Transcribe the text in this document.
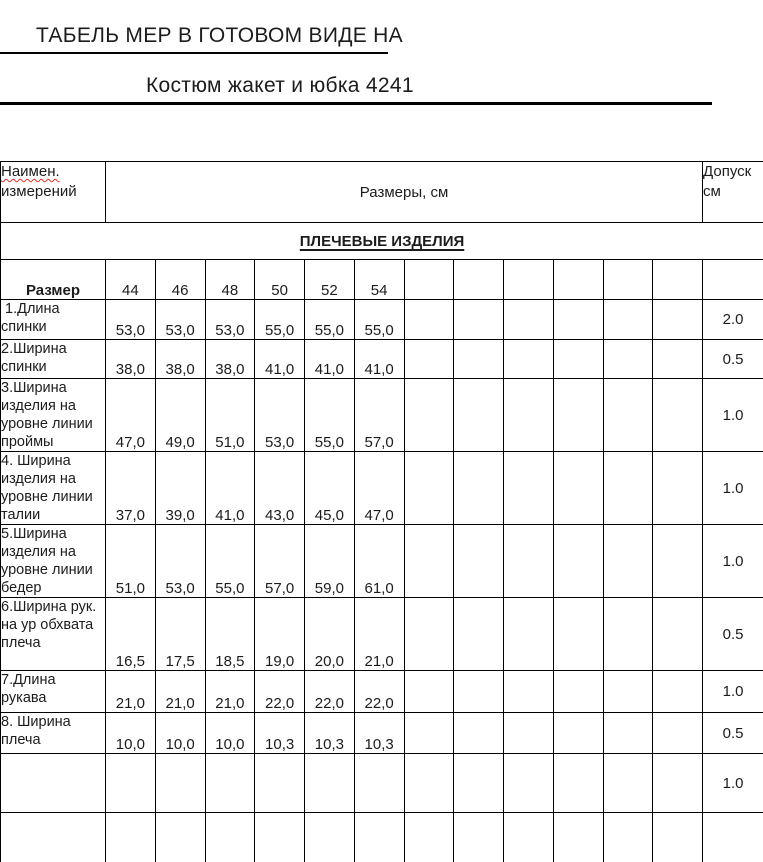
ТАБЕЛЬ МЕР В ГОТОВОМ ВИДЕ НА
Костюм жакет и юбка 4241
Наимен. измерений	Размеры, см												Допуск см
ПЛЕЧЕВЫЕ ИЗДЕЛИЯ													
Размер	44	46	48	50	52	54							
1.Длина спинки	53,0	53,0	53,0	55,0	55,0	55,0							2.0
2.Ширина спинки	38,0	38,0	38,0	41,0	41,0	41,0							0.5
3.Ширина изделия на уровне линии проймы	47,0	49,0	51,0	53,0	55,0	57,0							1.0
4. Ширина изделия на уровне линии талии	37,0	39,0	41,0	43,0	45,0	47,0							1.0
5.Ширина изделия на уровне линии бедер	51,0	53,0	55,0	57,0	59,0	61,0							1.0
6.Ширина рук. на ур обхвата плеча	16,5	17,5	18,5	19,0	20,0	21,0							0.5
7.Длина рукава	21,0	21,0	21,0	22,0	22,0	22,0							1.0
8. Ширина плеча	10,0	10,0	10,0	10,3	10,3	10,3							0.5
													1.0
